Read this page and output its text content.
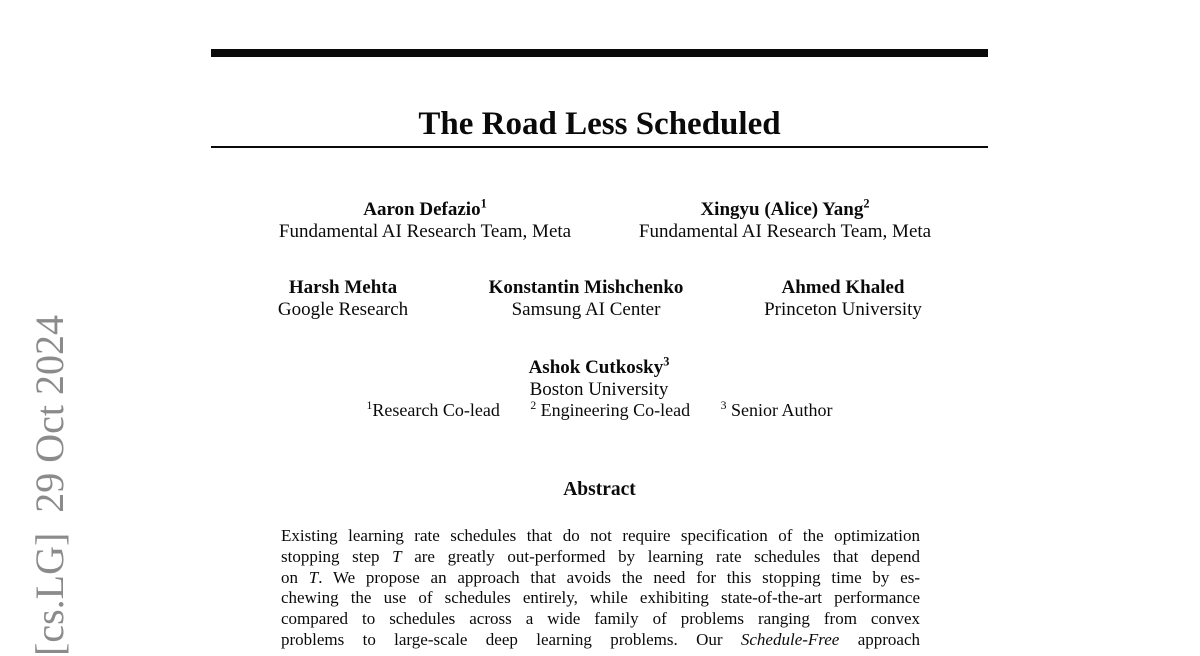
[cs.LG]  29 Oct 2024
The Road Less Scheduled
Aaron Defazio$^1$
Fundamental AI Research Team, Meta
Xingyu (Alice) Yang$^2$
Fundamental AI Research Team, Meta
Harsh Mehta
Google Research
Konstantin Mishchenko
Samsung AI Center
Ahmed Khaled
Princeton University
Ashok Cutkosky$^3$
Boston University
$^1$Research Co-lead	$^2$ Engineering Co-lead	$^3$ Senior Author
Abstract
Existing learning rate schedules that do not require specification of the optimization
stopping step T are greatly out-performed by learning rate schedules that depend
on T. We propose an approach that avoids the need for this stopping time by es-
chewing the use of schedules entirely, while exhibiting state-of-the-art performance
compared to schedules across a wide family of problems ranging from convex
problems to large-scale deep learning problems. Our Schedule-Free approach
